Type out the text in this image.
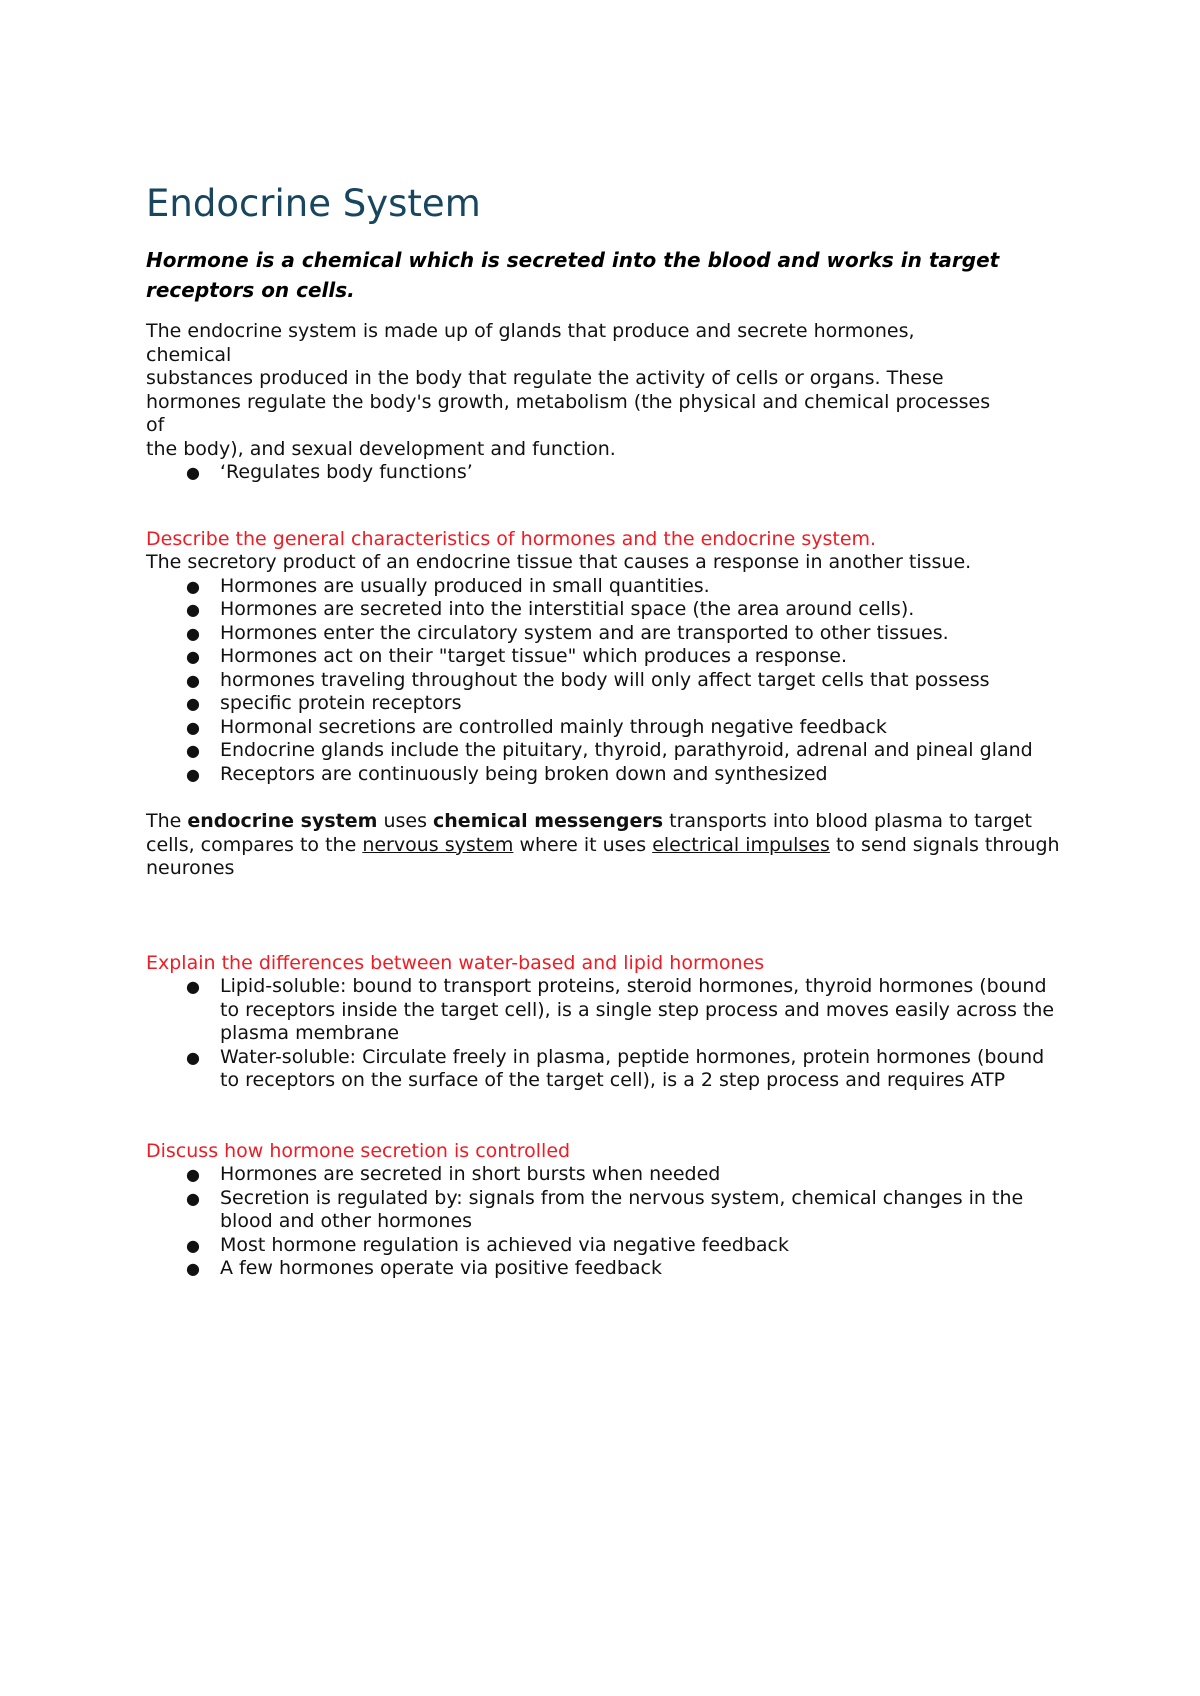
Endocrine System

Hormone is a chemical which is secreted into the blood and works in target receptors on cells.

The endocrine system is made up of glands that produce and secrete hormones,
chemical
substances produced in the body that regulate the activity of cells or organs. These
hormones regulate the body's growth, metabolism (the physical and chemical processes
of
the body), and sexual development and function.
● ‘Regulates body functions’

Describe the general characteristics of hormones and the endocrine system.

The secretory product of an endocrine tissue that causes a response in another tissue.

● Hormones are usually produced in small quantities.
● Hormones are secreted into the interstitial space (the area around cells).
● Hormones enter the circulatory system and are transported to other tissues.
● Hormones act on their "target tissue" which produces a response.
● hormones traveling throughout the body will only affect target cells that possess
● specific protein receptors
● Hormonal secretions are controlled mainly through negative feedback
● Endocrine glands include the pituitary, thyroid, parathyroid, adrenal and pineal gland
● Receptors are continuously being broken down and synthesized

The endocrine system uses chemical messengers transports into blood plasma to target cells, compares to the nervous system where it uses electrical impulses to send signals through neurones

Explain the differences between water-based and lipid hormones

● Lipid-soluble: bound to transport proteins, steroid hormones, thyroid hormones (bound to receptors inside the target cell), is a single step process and moves easily across the plasma membrane
● Water-soluble: Circulate freely in plasma, peptide hormones, protein hormones (bound to receptors on the surface of the target cell), is a 2 step process and requires ATP

Discuss how hormone secretion is controlled

● Hormones are secreted in short bursts when needed
● Secretion is regulated by: signals from the nervous system, chemical changes in the blood and other hormones
● Most hormone regulation is achieved via negative feedback
● A few hormones operate via positive feedback
